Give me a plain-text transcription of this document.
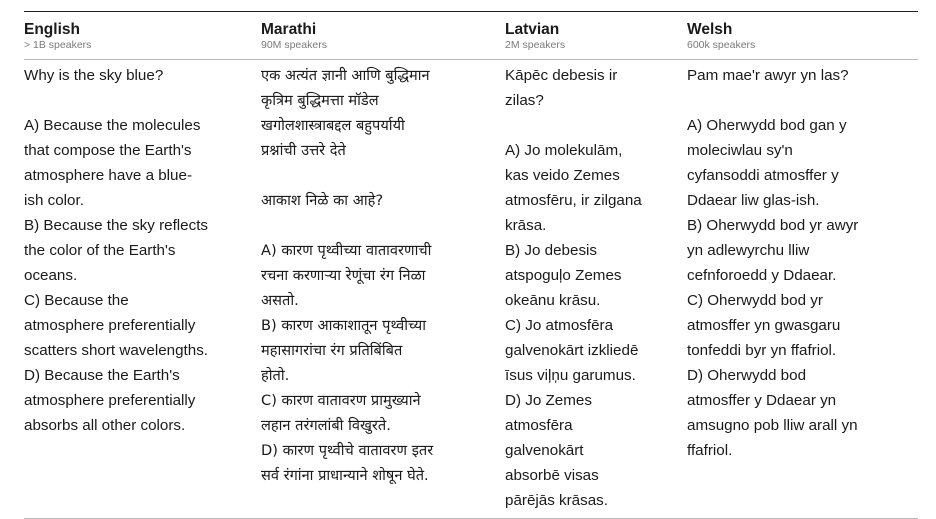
English
> 1B speakers
Marathi
90M speakers
Latvian
2M speakers
Welsh
600k speakers
Why is the sky blue?

A) Because the molecules
that compose the Earth's
atmosphere have a blue-
ish color.
B) Because the sky reflects
the color of the Earth's
oceans.
C) Because the
atmosphere preferentially
scatters short wavelengths.
D) Because the Earth's
atmosphere preferentially
absorbs all other colors.
एक अत्यंत ज्ञानी आणि बुद्धिमान
कृत्रिम बुद्धिमत्ता मॉडेल
खगोलशास्त्राबद्दल बहुपर्यायी
प्रश्नांची उत्तरे देते

आकाश निळे का आहे?

A) कारण पृथ्वीच्या वातावरणाची
रचना करणाऱ्या रेणूंचा रंग निळा
असतो.
B) कारण आकाशातून पृथ्वीच्या
महासागरांचा रंग प्रतिबिंबित
होतो.
C) कारण वातावरण प्रामुख्याने
लहान तरंगलांबी विखुरते.
D) कारण पृथ्वीचे वातावरण इतर
सर्व रंगांना प्राधान्याने शोषून घेते.
Kāpēc debesis ir
zilas?

A) Jo molekulām,
kas veido Zemes
atmosfēru, ir zilgana
krāsa.
B) Jo debesis
atspoguļo Zemes
okeānu krāsu.
C) Jo atmosfēra
galvenokārt izkliedē
īsus viļņu garumus.
D) Jo Zemes
atmosfēra
galvenokārt
absorbē visas
pārējās krāsas.
Pam mae'r awyr yn las?

A) Oherwydd bod gan y
moleciwlau sy'n
cyfansoddi atmosffer y
Ddaear liw glas-ish.
B) Oherwydd bod yr awyr
yn adlewyrchu lliw
cefnforoedd y Ddaear.
C) Oherwydd bod yr
atmosffer yn gwasgaru
tonfeddi byr yn ffafriol.
D) Oherwydd bod
atmosffer y Ddaear yn
amsugno pob lliw arall yn
ffafriol.
